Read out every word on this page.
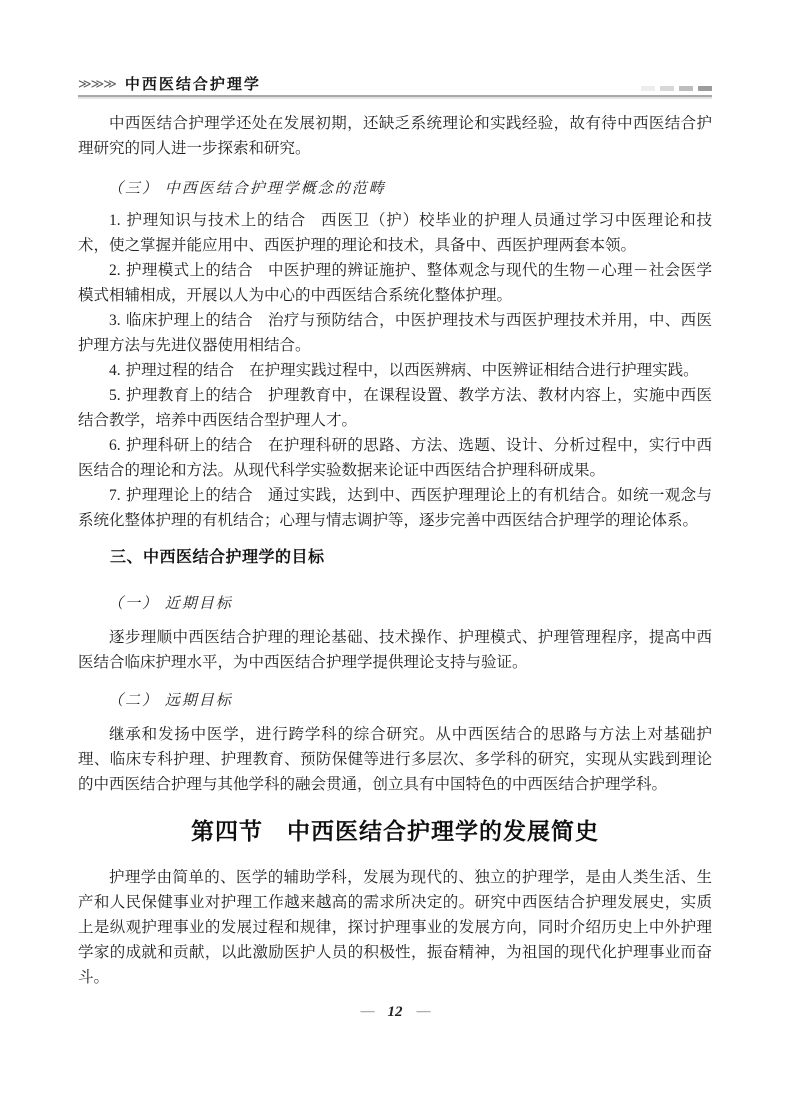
≫≫≫ 中西医结合护理学

中西医结合护理学还处在发展初期，还缺乏系统理论和实践经验，故有待中西医结合护理研究的同人进一步探索和研究。

（三） 中西医结合护理学概念的范畴

1. 护理知识与技术上的结合 西医卫（护）校毕业的护理人员通过学习中医理论和技术，使之掌握并能应用中、西医护理的理论和技术，具备中、西医护理两套本领。

2. 护理模式上的结合 中医护理的辨证施护、整体观念与现代的生物－心理－社会医学模式相辅相成，开展以人为中心的中西医结合系统化整体护理。

3. 临床护理上的结合 治疗与预防结合，中医护理技术与西医护理技术并用，中、西医护理方法与先进仪器使用相结合。

4. 护理过程的结合 在护理实践过程中，以西医辨病、中医辨证相结合进行护理实践。

5. 护理教育上的结合 护理教育中，在课程设置、教学方法、教材内容上，实施中西医结合教学，培养中西医结合型护理人才。

6. 护理科研上的结合 在护理科研的思路、方法、选题、设计、分析过程中，实行中西医结合的理论和方法。从现代科学实验数据来论证中西医结合护理科研成果。

7. 护理理论上的结合 通过实践，达到中、西医护理理论上的有机结合。如统一观念与系统化整体护理的有机结合；心理与情志调护等，逐步完善中西医结合护理学的理论体系。

三、中西医结合护理学的目标
（一） 近期目标

逐步理顺中西医结合护理的理论基础、技术操作、护理模式、护理管理程序，提高中西医结合临床护理水平，为中西医结合护理学提供理论支持与验证。

（二） 远期目标

继承和发扬中医学，进行跨学科的综合研究。从中西医结合的思路与方法上对基础护理、临床专科护理、护理教育、预防保健等进行多层次、多学科的研究，实现从实践到理论的中西医结合护理与其他学科的融会贯通，创立具有中国特色的中西医结合护理学科。

第四节　中西医结合护理学的发展简史

护理学由简单的、医学的辅助学科，发展为现代的、独立的护理学，是由人类生活、生产和人民保健事业对护理工作越来越高的需求所决定的。研究中西医结合护理发展史，实质上是纵观护理事业的发展过程和规律，探讨护理事业的发展方向，同时介绍历史上中外护理学家的成就和贡献，以此激励医护人员的积极性，振奋精神，为祖国的现代化护理事业而奋斗。

— 12 —
